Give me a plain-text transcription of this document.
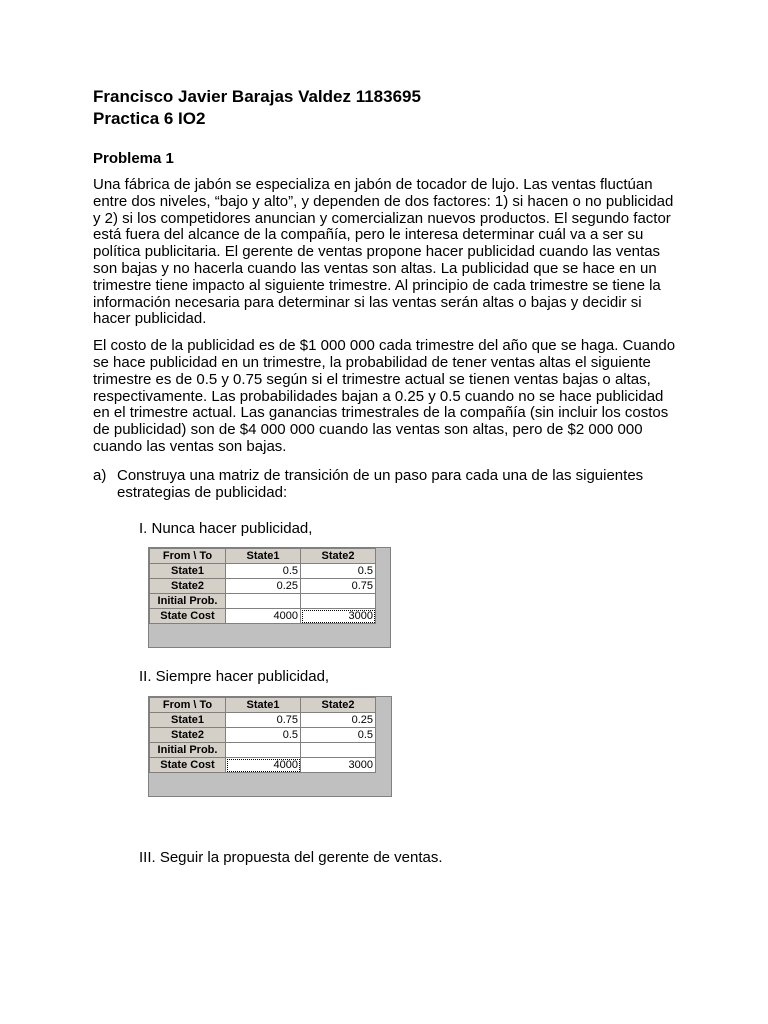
Francisco Javier Barajas Valdez 1183695
Practica 6 IO2
Problema 1

Una fábrica de jabón se especializa en jabón de tocador de lujo. Las ventas fluctúan entre dos niveles, “bajo y alto”, y dependen de dos factores: 1) si hacen o no publicidad y 2) si los competidores anuncian y comercializan nuevos productos. El segundo factor está fuera del alcance de la compañía, pero le interesa determinar cuál va a ser su política publicitaria. El gerente de ventas propone hacer publicidad cuando las ventas son bajas y no hacerla cuando las ventas son altas. La publicidad que se hace en un trimestre tiene impacto al siguiente trimestre. Al principio de cada trimestre se tiene la información necesaria para determinar si las ventas serán altas o bajas y decidir si hacer publicidad.

El costo de la publicidad es de $1 000 000 cada trimestre del año que se haga. Cuando se hace publicidad en un trimestre, la probabilidad de tener ventas altas el siguiente trimestre es de 0.5 y 0.75 según si el trimestre actual se tienen ventas bajas o altas, respectivamente. Las probabilidades bajan a 0.25 y 0.5 cuando no se hace publicidad en el trimestre actual. Las ganancias trimestrales de la compañía (sin incluir los costos de publicidad) son de $4 000 000 cuando las ventas son altas, pero de $2 000 000 cuando las ventas son bajas.

a) Construya una matriz de transición de un paso para cada una de las siguientes estrategias de publicidad:

I. Nunca hacer publicidad,

From \ To	State1	State2
State1	0.5	0.5
State2	0.25	0.75
Initial Prob.		
State Cost	4000	3000

II. Siempre hacer publicidad,

From \ To	State1	State2
State1	0.75	0.25
State2	0.5	0.5
Initial Prob.		
State Cost	4000	3000

III. Seguir la propuesta del gerente de ventas.
